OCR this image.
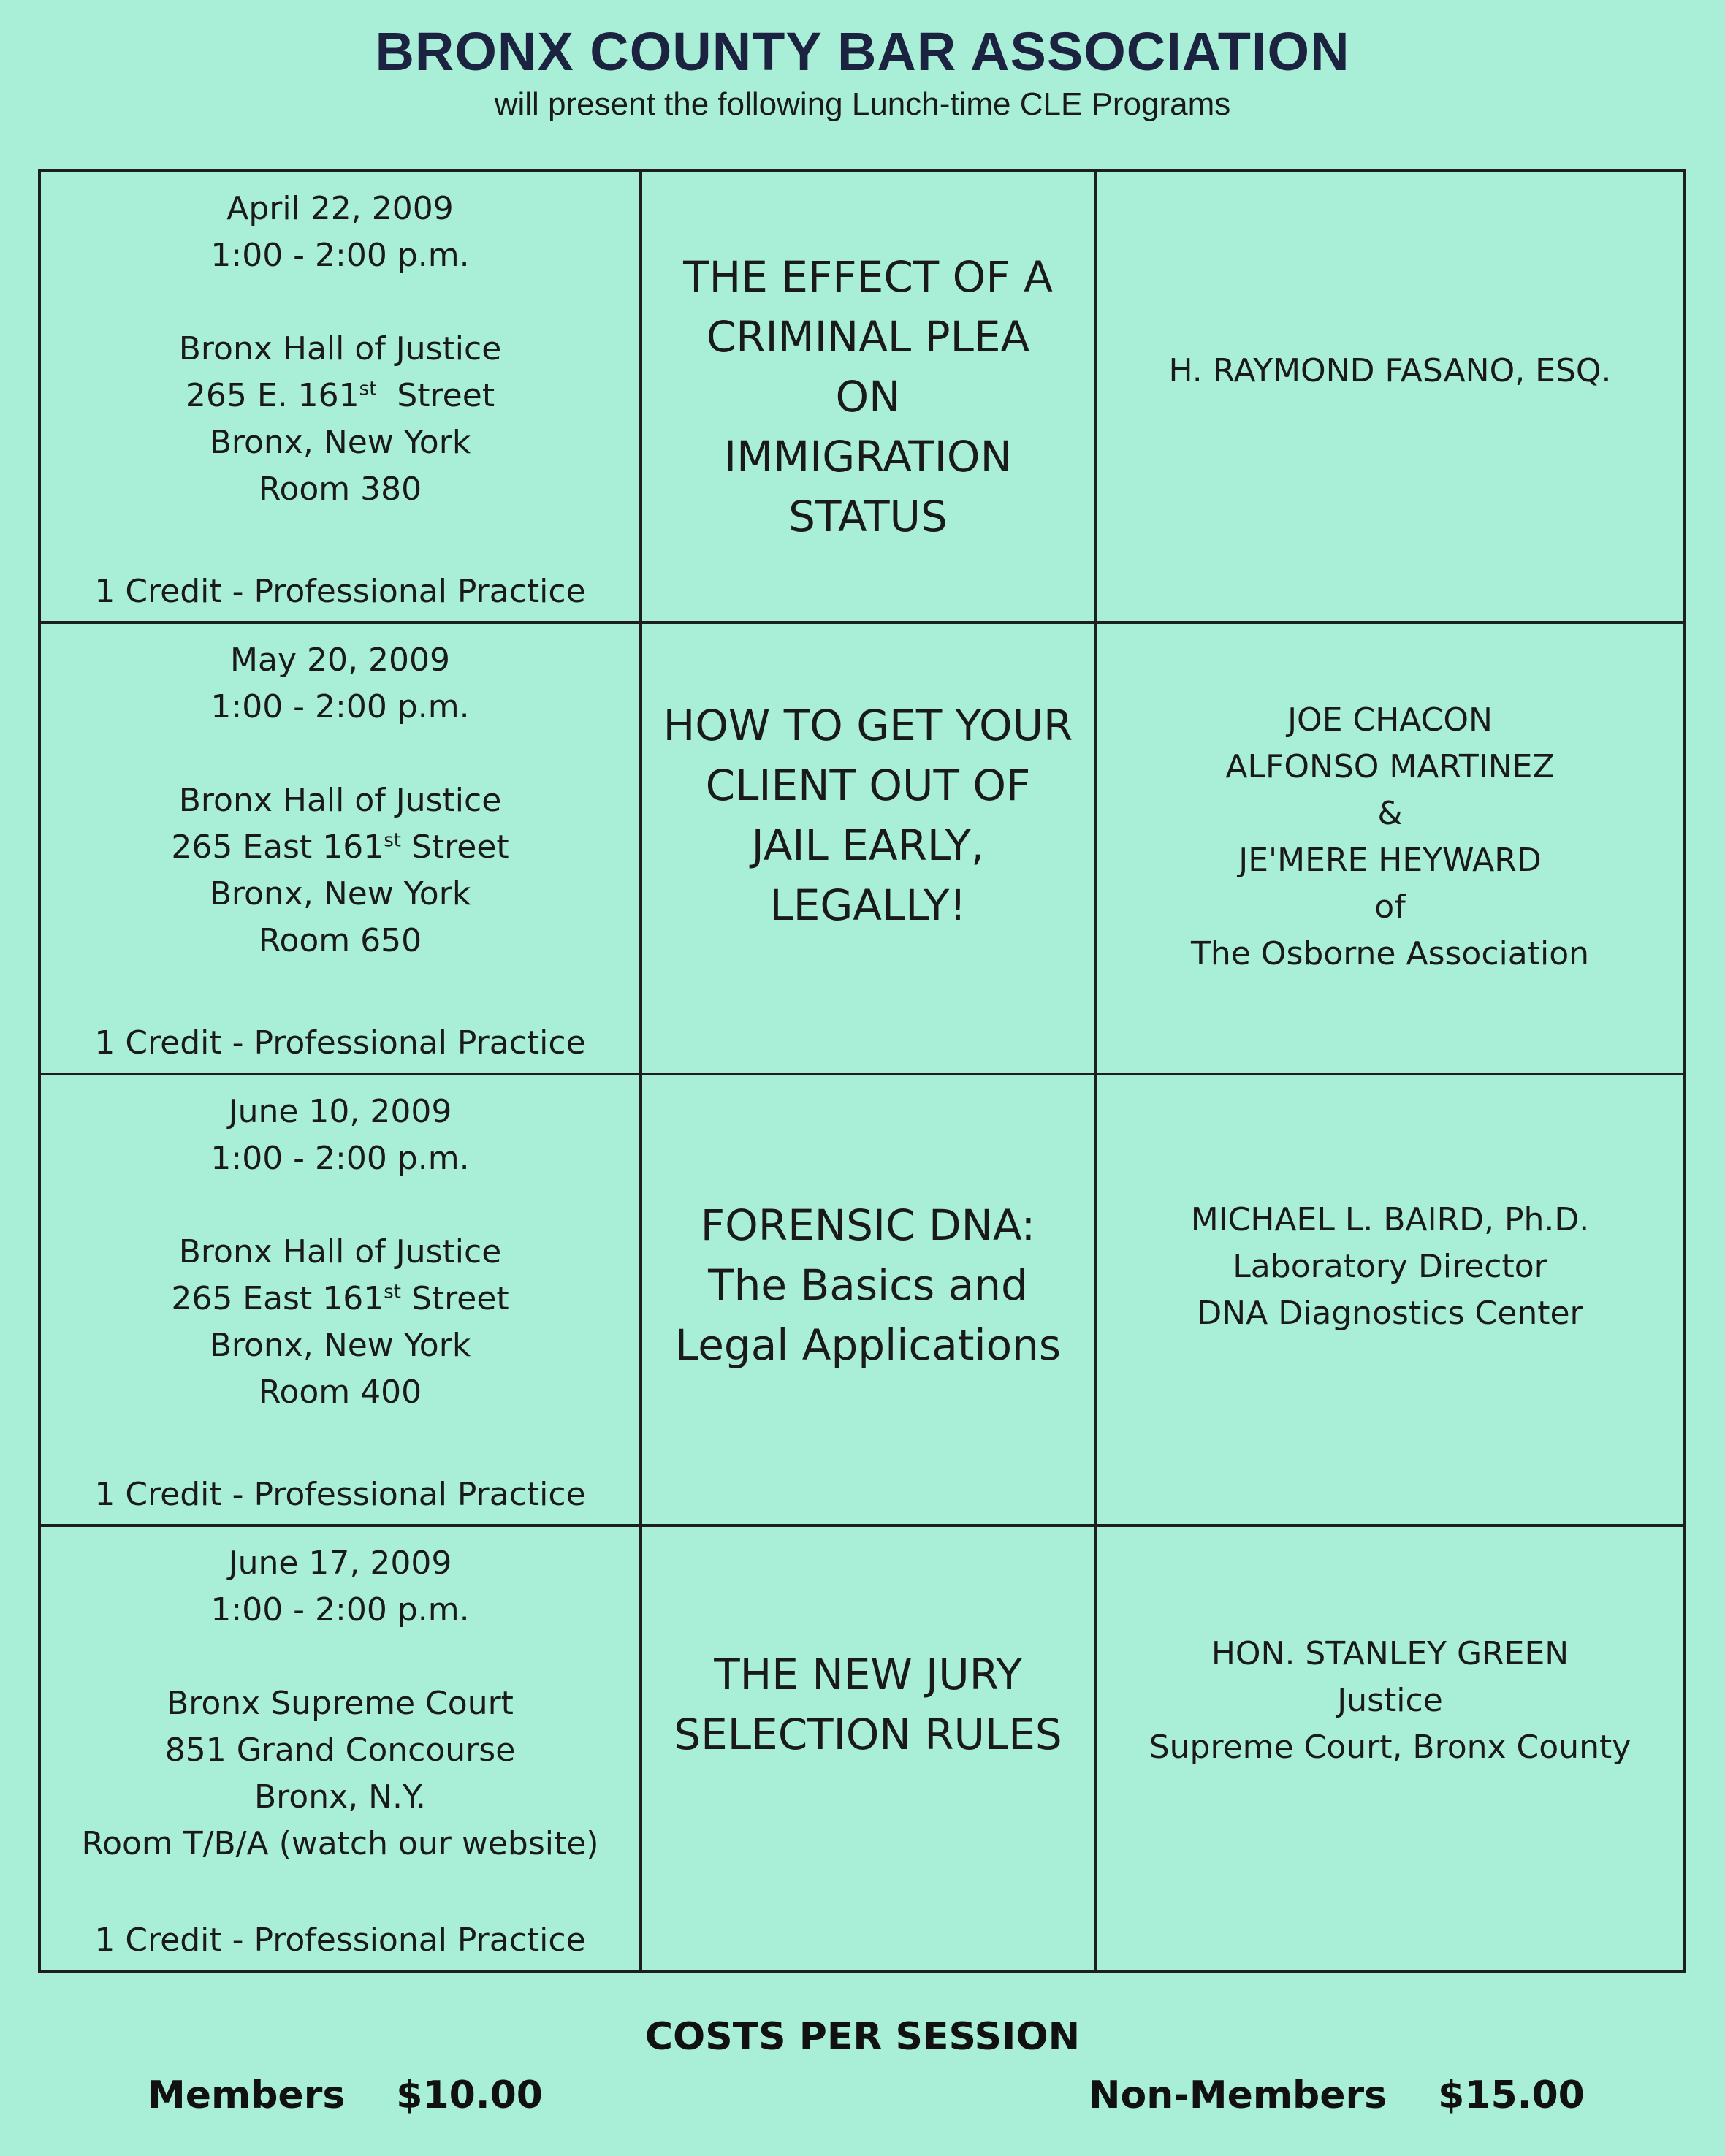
BRONX COUNTY BAR ASSOCIATION
will present the following Lunch-time CLE Programs
April 22, 2009
1:00 - 2:00 p.m.
Bronx Hall of Justice
265 E. 161st  Street
Bronx, New York
Room 380
1 Credit - Professional Practice
THE EFFECT OF A
CRIMINAL PLEA
ON
IMMIGRATION
STATUS
H. RAYMOND FASANO, ESQ.
May 20, 2009
1:00 - 2:00 p.m.
Bronx Hall of Justice
265 East 161st Street
Bronx, New York
Room 650
1 Credit - Professional Practice
HOW TO GET YOUR
CLIENT OUT OF
JAIL EARLY,
LEGALLY!
JOE CHACON
ALFONSO MARTINEZ
&
JE'MERE HEYWARD
of
The Osborne Association
June 10, 2009
1:00 - 2:00 p.m.
Bronx Hall of Justice
265 East 161st Street
Bronx, New York
Room 400
1 Credit - Professional Practice
FORENSIC DNA:
The Basics and
Legal Applications
MICHAEL L. BAIRD, Ph.D.
Laboratory Director
DNA Diagnostics Center
June 17, 2009
1:00 - 2:00 p.m.
Bronx Supreme Court
851 Grand Concourse
Bronx, N.Y.
Room T/B/A (watch our website)
1 Credit - Professional Practice
THE NEW JURY
SELECTION RULES
HON. STANLEY GREEN
Justice
Supreme Court, Bronx County
COSTS PER SESSION
Members $10.00	Non-Members $15.00
